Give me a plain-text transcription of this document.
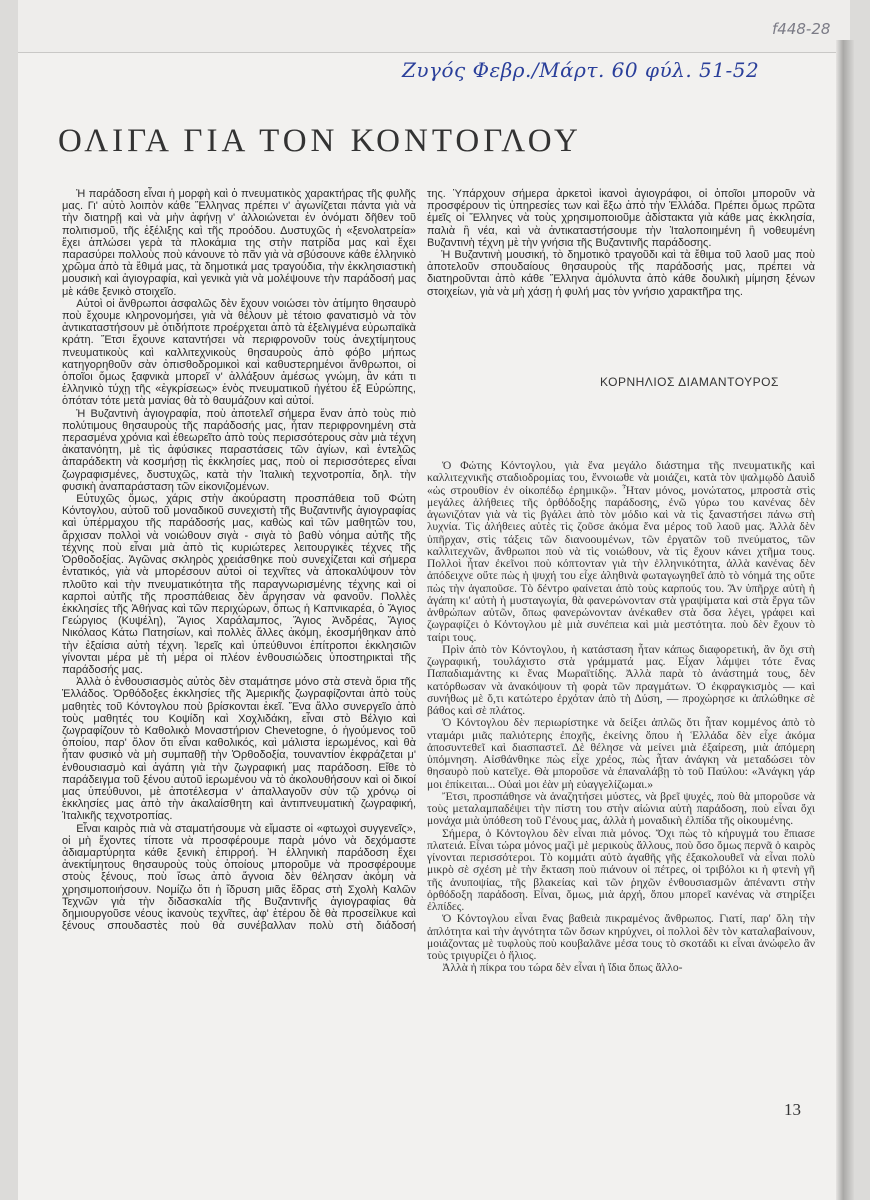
f448-28
Ζυγός Φεβρ./Μάρτ. 60 φύλ. 51-52
ΟΛΙΓΑ ΓΙΑ ΤΟΝ ΚΟΝΤΟΓΛΟΥ

Ἡ παράδοση εἶναι ἡ μορφὴ καὶ ὁ πνευματικὸς χαρακτήρας τῆς φυλῆς μας. Γι' αὐτὸ λοιπὸν κάθε Ἕλληνας πρέπει ν' ἀγωνίζεται πάντα γιὰ νὰ τὴν διατηρῇ καὶ νὰ μὴν ἀφήνῃ ν' ἀλλοιώνεται ἐν ὀνόματι δῆθεν τοῦ πολιτισμοῦ, τῆς ἐξέλιξης καὶ τῆς προόδου. Δυστυχῶς ἡ «ξενολατρεία» ἔχει ἁπλώσει γερὰ τὰ πλοκάμια της στὴν πατρίδα μας καὶ ἔχει παρασύρει πολλοὺς ποὺ κάνουνε τὸ πᾶν γιὰ νὰ σβύσουνε κάθε ἑλληνικὸ χρῶμα ἀπὸ τὰ ἔθιμά μας, τὰ δημοτικά μας τραγούδια, τὴν ἐκκλησιαστικὴ μουσικὴ καὶ ἁγιογραφία, καὶ γενικὰ γιὰ νὰ μολέψουνε τὴν παράδοσή μας μὲ κάθε ξενικὸ στοιχεῖο.

Αὐτοὶ οἱ ἄνθρωποι ἀσφαλῶς δὲν ἔχουν νοιώσει τὸν ἀτίμητο θησαυρὸ ποὺ ἔχουμε κληρονομήσει, γιὰ νὰ θέλουν μὲ τέτοιο φανατισμὸ νὰ τὸν ἀντικαταστήσουν μὲ ὁτιδήποτε προέρχεται ἀπὸ τὰ ἐξελιγμένα εὐρωπαϊκὰ κράτη. Ἔτσι ἔχουνε καταντήσει νὰ περιφρονοῦν τοὺς ἀνεχτίμητους πνευματικοὺς καὶ καλλιτεχνικοὺς θησαυροὺς ἀπὸ φόβο μήπως κατηγορηθοῦν σὰν ὀπισθοδρομικοὶ καὶ καθυστερημένοι ἄνθρωποι, οἱ ὁποῖοι ὅμως ξαφνικὰ μπορεῖ ν' ἀλλάξουν ἀμέσως γνώμη, ἂν κάτι τι ἑλληνικὸ τύχῃ τῆς «ἐγκρίσεως» ἑνὸς πνευματικοῦ ἡγέτου ἐξ Εὐρώπης, ὁπόταν τότε μετὰ μανίας θὰ τὸ θαυμάζουν καὶ αὐτοί.

Ἡ Βυζαντινὴ ἁγιογραφία, ποὺ ἀποτελεῖ σήμερα ἕναν ἀπὸ τοὺς πιὸ πολύτιμους θησαυροὺς τῆς παράδοσής μας, ἦταν περιφρονημένη στὰ περασμένα χρόνια καὶ ἐθεωρεῖτο ἀπὸ τοὺς περισσότερους σὰν μιὰ τέχνη ἀκατανόητη, μὲ τὶς ἀφύσικες παραστάσεις τῶν ἁγίων, καὶ ἐντελῶς ἀπαράδεκτη νὰ κοσμήσῃ τὶς ἐκκλησίες μας, ποὺ οἱ περισσότερες εἶναι ζωγραφισμένες, δυστυχῶς, κατὰ τὴν Ἰταλικὴ τεχνοτροπία, δηλ. τὴν φυσικὴ ἀναπαράσταση τῶν εἰκονιζομένων.

Εὐτυχῶς ὅμως, χάρις στὴν ἀκούραστη προσπάθεια τοῦ Φώτη Κόντογλου, αὐτοῦ τοῦ μοναδικοῦ συνεχιστὴ τῆς Βυζαντινῆς ἁγιογραφίας καὶ ὑπέρμαχου τῆς παράδοσής μας, καθὼς καὶ τῶν μαθητῶν του, ἄρχισαν πολλοὶ νὰ νοιώθουν σιγὰ - σιγὰ τὸ βαθὺ νόημα αὐτῆς τῆς τέχνης ποὺ εἶναι μιὰ ἀπὸ τὶς κυριώτερες λειτουργικὲς τέχνες τῆς Ὀρθοδοξίας. Ἀγῶνας σκληρὸς χρειάσθηκε ποὺ συνεχίζεται καὶ σήμερα ἐντατικός, γιὰ νὰ μπορέσουν αὐτοὶ οἱ τεχνῖτες νὰ ἀποκαλύψουν τὸν πλοῦτο καὶ τὴν πνευματικότητα τῆς παραγνωρισμένης τέχνης καὶ οἱ καρποὶ αὐτῆς τῆς προσπάθειας δὲν ἄργησαν νὰ φανοῦν. Πολλὲς ἐκκλησίες τῆς Ἀθήνας καὶ τῶν περιχώρων, ὅπως ἡ Καπνικαρέα, ὁ Ἅγιος Γεώργιος (Κυψέλη), Ἅγιος Χαράλαμπος, Ἅγιος Ἀνδρέας, Ἅγιος Νικόλαος Κάτω Πατησίων, καὶ πολλὲς ἄλλες ἀκόμη, ἐκοσμήθηκαν ἀπὸ τὴν ἐξαίσια αὐτὴ τέχνη. Ἱερεῖς καὶ ὑπεύθυνοι ἐπίτροποι ἐκκλησιῶν γίνονται μέρα μὲ τὴ μέρα οἱ πλέον ἐνθουσιώδεις ὑποστηρικταὶ τῆς παράδοσής μας.

Ἀλλὰ ὁ ἐνθουσιασμὸς αὐτὸς δὲν σταμάτησε μόνο στὰ στενὰ ὅρια τῆς Ἑλλάδος. Ὀρθόδοξες ἐκκλησίες τῆς Ἀμερικῆς ζωγραφίζονται ἀπὸ τοὺς μαθητὲς τοῦ Κόντογλου ποὺ βρίσκονται ἐκεῖ. Ἕνα ἄλλο συνεργεῖο ἀπὸ τοὺς μαθητές του Κοψίδη καὶ Χοχλιδάκη, εἶναι στὸ Βέλγιο καὶ ζωγραφίζουν τὸ Καθολικὸ Μοναστήριον Chevetogne, ὁ ἡγούμενος τοῦ ὁποίου, παρ' ὅλον ὅτι εἶναι καθολικός, καὶ μάλιστα ἱερωμένος, καὶ θὰ ἦταν φυσικὸ νὰ μὴ συμπαθῇ τὴν Ὀρθοδοξία, τουναντίον ἐκφράζεται μ' ἐνθουσιασμὸ καὶ ἀγάπη γιὰ τὴν ζωγραφική μας παράδοση. Εἴθε τὸ παράδειγμα τοῦ ξένου αὐτοῦ ἱερωμένου νὰ τὸ ἀκολουθήσουν καὶ οἱ δικοί μας ὑπεύθυνοι, μὲ ἀποτέλεσμα ν' ἀπαλλαγοῦν σὺν τῷ χρόνῳ οἱ ἐκκλησίες μας ἀπὸ τὴν ἀκαλαίσθητη καὶ ἀντιπνευματικὴ ζωγραφική, Ἰταλικῆς τεχνοτροπίας.

Εἶναι καιρὸς πιὰ νὰ σταματήσουμε νὰ εἴμαστε οἱ «φτωχοὶ συγγενεῖς», οἱ μὴ ἔχοντες τίποτε νὰ προσφέρουμε παρὰ μόνο νὰ δεχόμαστε ἀδιαμαρτύρητα κάθε ξενικὴ ἐπιρροή. Ἡ ἑλληνικὴ παράδοση ἔχει ἀνεκτίμητους θησαυροὺς τοὺς ὁποίους μποροῦμε νὰ προσφέρουμε στοὺς ξένους, ποὺ ἴσως ἀπὸ ἄγνοια δὲν θέλησαν ἀκόμη νὰ χρησιμοποιήσουν. Νομίζω ὅτι ἡ ἵδρυση μιᾶς ἕδρας στὴ Σχολὴ Καλῶν Τεχνῶν γιὰ τὴν διδασκαλία τῆς Βυζαντινῆς ἁγιογραφίας θὰ δημιουργοῦσε νέους ἱκανοὺς τεχνῖτες, ἀφ' ἑτέρου δὲ θὰ προσείλκυε καὶ ξένους σπουδαστὲς ποὺ θὰ συνέβαλλαν πολὺ στὴ διάδοσή

της. Ὑπάρχουν σήμερα ἀρκετοὶ ἱκανοὶ ἁγιογράφοι, οἱ ὁποῖοι μποροῦν νὰ προσφέρουν τὶς ὑπηρεσίες των καὶ ἔξω ἀπὸ τὴν Ἑλλάδα. Πρέπει ὅμως πρῶτα ἐμεῖς οἱ Ἕλληνες νὰ τοὺς χρησιμοποιοῦμε ἀδίστακτα γιὰ κάθε μας ἐκκλησία, παλιὰ ἢ νέα, καὶ νὰ ἀντικαταστήσουμε τὴν Ἰταλοποιημένη ἢ νοθευμένη Βυζαντινὴ τέχνη μὲ τὴν γνήσια τῆς Βυζαντινῆς παράδοσης.

Ἡ Βυζαντινὴ μουσική, τὸ δημοτικὸ τραγοῦδι καὶ τὰ ἔθιμα τοῦ λαοῦ μας ποὺ ἀποτελοῦν σπουδαίους θησαυροὺς τῆς παράδοσής μας, πρέπει νὰ διατηροῦνται ἀπὸ κάθε Ἕλληνα ἀμόλυντα ἀπὸ κάθε δουλικὴ μίμηση ξένων στοιχείων, γιὰ νὰ μὴ χάσῃ ἡ φυλή μας τὸν γνήσιο χαρακτῆρα της.

ΚΟΡΝΗΛΙΟΣ ΔΙΑΜΑΝΤΟΥΡΟΣ

Ὁ Φώτης Κόντογλου, γιὰ ἕνα μεγάλο διάστημα τῆς πνευματικῆς καὶ καλλιτεχνικῆς σταδιοδρομίας του, ἔννοιωθε νὰ μοιάζει, κατὰ τὸν ψαλμῳδὸ Δαυὶδ «ὡς στρουθίον ἐν οἰκοπέδῳ ἐρημικῷ». Ἦταν μόνος, μονώτατος, μπροστὰ στὶς μεγάλες ἀλήθειες τῆς ὀρθόδοξης παράδοσης, ἐνῶ γύρω του κανένας δὲν ἀγωνιζόταν γιὰ νὰ τὶς βγάλει ἀπὸ τὸν μόδιο καὶ νὰ τὶς ξαναστήσει πάνω στὴ λυχνία. Τὶς ἀλήθειες αὐτὲς τὶς ζοῦσε ἀκόμα ἕνα μέρος τοῦ λαοῦ μας. Ἀλλὰ δὲν ὑπῆρχαν, στὶς τάξεις τῶν διανοουμένων, τῶν ἐργατῶν τοῦ πνεύματος, τῶν καλλιτεχνῶν, ἄνθρωποι ποὺ νὰ τὶς νοιώθουν, νὰ τὶς ἔχουν κάνει χτῆμα τους. Πολλοὶ ἦταν ἐκεῖνοι ποὺ κόπτονταν γιὰ τὴν ἑλληνικότητα, ἀλλὰ κανένας δὲν ἀπόδειχνε οὔτε πὼς ἡ ψυχή του εἶχε ἀληθινὰ φωταγωγηθεῖ ἀπὸ τὸ νόημά της οὔτε πὼς τὴν ἀγαποῦσε. Τὸ δέντρο φαίνεται ἀπὸ τοὺς καρπούς του. Ἂν ὑπῆρχε αὐτὴ ἡ ἀγάπη κι' αὐτὴ ἡ μυσταγωγία, θὰ φανερώνονταν στὰ γραψίματα καὶ στὰ ἔργα τῶν ἀνθρώπων αὐτῶν, ὅπως φανερώνονταν ἀνέκαθεν στὰ ὅσα λέγει, γράφει καὶ ζωγραφίζει ὁ Κόντογλου μὲ μιὰ συνέπεια καὶ μιὰ μεστότητα. ποὺ δὲν ἔχουν τὸ ταίρι τους.

Πρὶν ἀπὸ τὸν Κόντογλου, ἡ κατάσταση ἦταν κάπως διαφορετική, ἂν ὄχι στὴ ζωγραφική, τουλάχιστο στὰ γράμματά μας. Εἶχαν λάμψει τότε ἕνας Παπαδιαμάντης κι ἕνας Μωραϊτίδης. Ἀλλὰ παρὰ τὸ ἀνάστημά τους, δὲν κατόρθωσαν νὰ ἀνακόψουν τὴ φορὰ τῶν πραγμάτων. Ὁ ἐκφραγκισμὸς — καὶ συνήθως μὲ ὅ,τι κατώτερο ἐρχόταν ἀπὸ τὴ Δύση, — προχώρησε κι ἁπλώθηκε σὲ βάθος καὶ σὲ πλάτος.

Ὁ Κόντογλου δὲν περιωρίστηκε νὰ δείξει ἁπλῶς ὅτι ἦταν κομμένος ἀπὸ τὸ νταμάρι μιᾶς παλιότερης ἐποχῆς, ἐκείνης ὅπου ἡ Ἑλλάδα δὲν εἶχε ἀκόμα ἀποσυντεθεῖ καὶ διασπαστεῖ. Δὲ θέλησε νὰ μείνει μιὰ ἐξαίρεση, μιὰ ἀπόμερη ὑπόμνηση. Αἰσθάνθηκε πὼς εἶχε χρέος, πὼς ἦταν ἀνάγκη νὰ μεταδώσει τὸν θησαυρὸ ποὺ κατεῖχε. Θὰ μποροῦσε νὰ ἐπαναλάβῃ τὸ τοῦ Παύλου: «Ἀνάγκη γάρ μοι ἐπίκειται... Οὐαὶ μοι ἐὰν μὴ εὐαγγελίζωμαι.»

Ἔτσι, προσπάθησε νὰ ἀναζητήσει μύστες, νὰ βρεῖ ψυχές, ποὺ θὰ μποροῦσε νὰ τοὺς μεταλαμπαδέψει τὴν πίστη του στὴν αἰώνια αὐτὴ παράδοση, ποὺ εἶναι ὄχι μονάχα μιὰ ὑπόθεση τοῦ Γένους μας, ἀλλὰ ἡ μοναδικὴ ἐλπίδα τῆς οἰκουμένης.

Σήμερα, ὁ Κόντογλου δὲν εἶναι πιὰ μόνος. Ὄχι πὼς τὸ κήρυγμά του ἔπιασε πλατειά. Εἶναι τώρα μόνος μαζὶ μὲ μερικοὺς ἄλλους, ποὺ ὅσο ὅμως περνᾶ ὁ καιρὸς γίνονται περισσότεροι. Τὸ κομμάτι αὐτὸ ἀγαθῆς γῆς ἐξακολουθεῖ νὰ εἶναι πολὺ μικρὸ σὲ σχέση μὲ τὴν ἔκταση ποὺ πιάνουν οἱ πέτρες, οἱ τριβόλοι κι ἡ φτενὴ γῆ τῆς ἀνυποψίας, τῆς βλακείας καὶ τῶν ῥηχῶν ἐνθουσιασμῶν ἀπέναντι στὴν ὀρθόδοξη παράδοση. Εἶναι, ὅμως, μιὰ ἀρχή, ὅπου μπορεῖ κανένας νὰ στηρίξει ἐλπίδες.

Ὁ Κόντογλου εἶναι ἕνας βαθειὰ πικραμένος ἄνθρωπος. Γιατί, παρ' ὅλη τὴν ἁπλότητα καὶ τὴν ἁγνότητα τῶν ὅσων κηρύχνει, οἱ πολλοὶ δὲν τὸν καταλαβαίνουν, μοιάζοντας μὲ τυφλοὺς ποὺ κουβαλᾶνε μέσα τους τὸ σκοτάδι κι εἶναι ἀνώφελο ἂν τοὺς τριγυρίζει ὁ ἥλιος.

Ἀλλὰ ἡ πίκρα του τώρα δὲν εἶναι ἡ ἴδια ὅπως ἄλλο-

13
